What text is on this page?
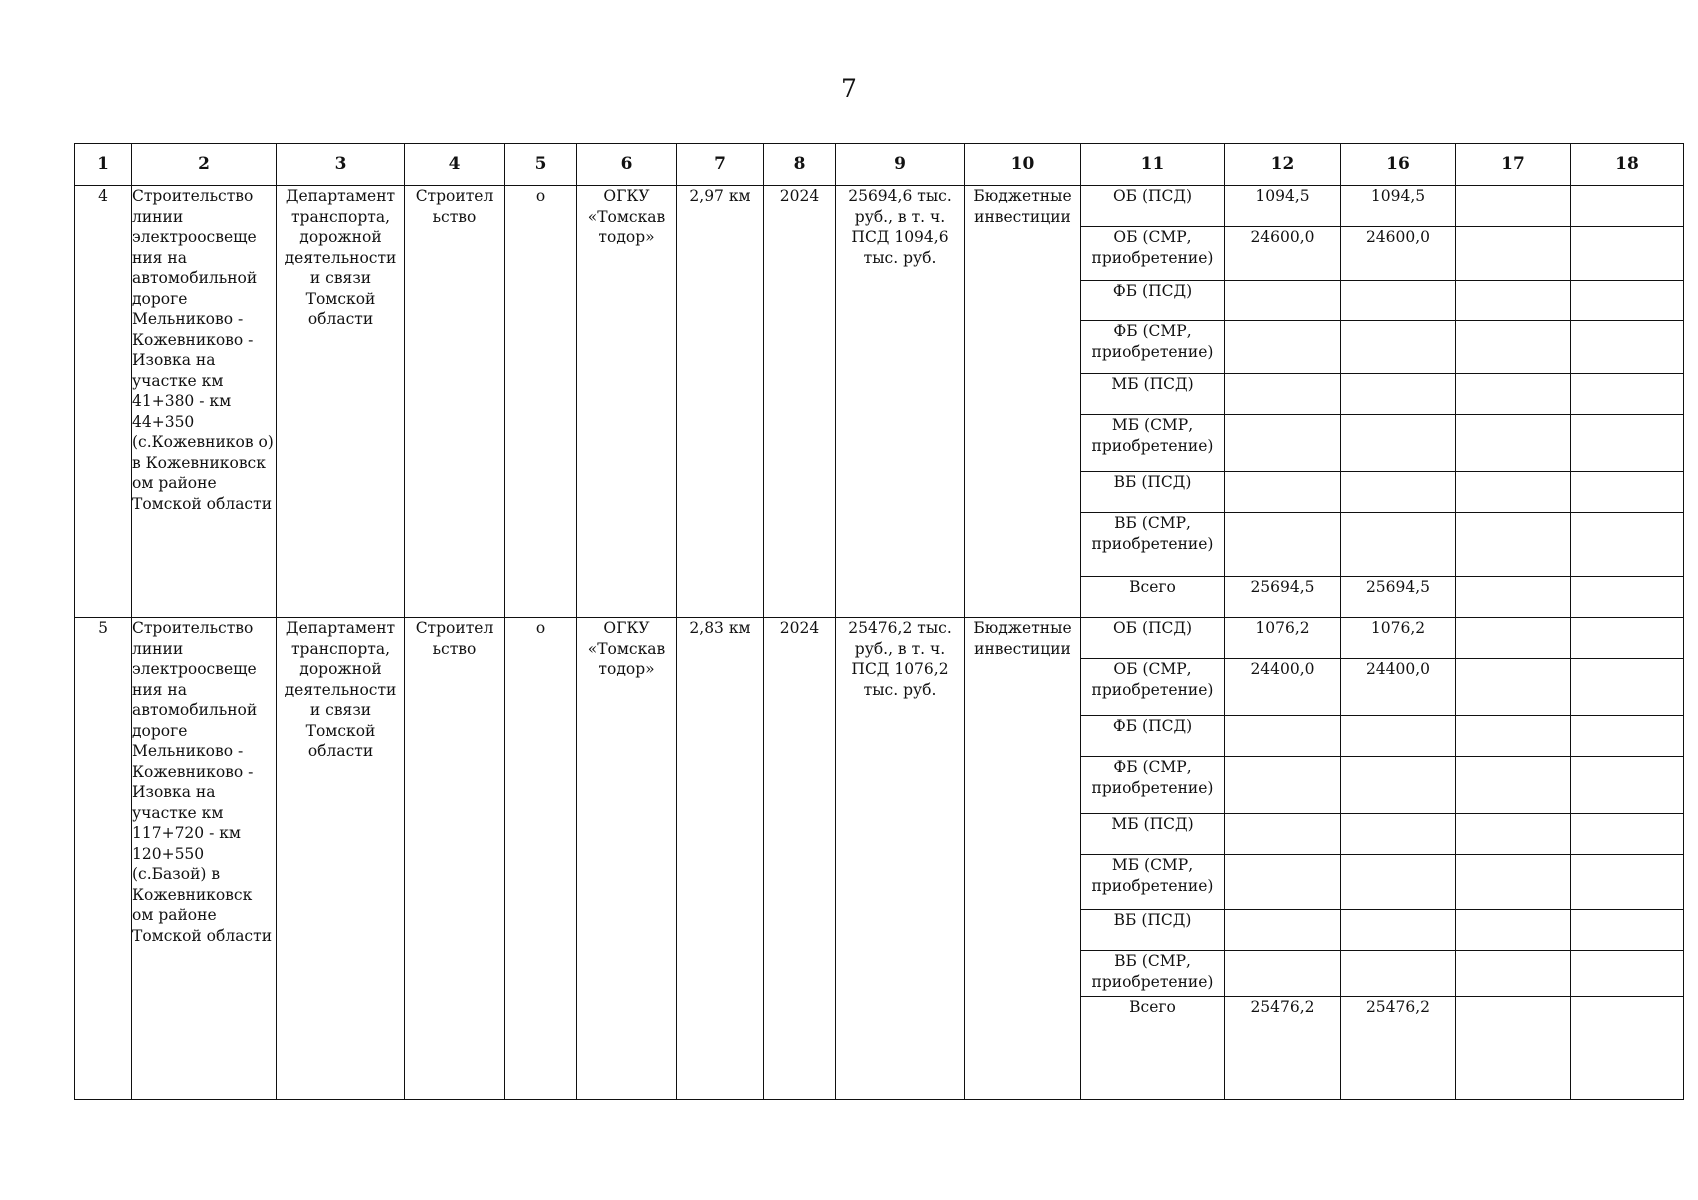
7
1	2	3	4	5	6	7	8	9	10	11	12	16	17	18
4	Строительство линии электроосвеще ния на автомобильной дороге Мельниково - Кожевниково - Изовка на участке км 41+380 - км 44+350 (с.Кожевников о) в Кожевниковск ом районе Томской области	Департамент транспорта, дорожной деятельности и связи Томской области	Строител ьство	о	ОГКУ «Томскав тодор»	2,97 км	2024	25694,6 тыс. руб., в т. ч. ПСД 1094,6 тыс. руб.	Бюджетные инвестиции	ОБ (ПСД)	1094,5	1094,5		
										ОБ (СМР, приобретение)	24600,0	24600,0		
										ФБ (ПСД)				
										ФБ (СМР, приобретение)				
										МБ (ПСД)				
										МБ (СМР, приобретение)				
										ВБ (ПСД)				
										ВБ (СМР, приобретение)				
										Всего	25694,5	25694,5		
5	Строительство линии электроосвеще ния на автомобильной дороге Мельниково - Кожевниково - Изовка на участке км 117+720 - км 120+550 (с.Базой) в Кожевниковск ом районе Томской области	Департамент транспорта, дорожной деятельности и связи Томской области	Строител ьство	о	ОГКУ «Томскав тодор»	2,83 км	2024	25476,2 тыс. руб., в т. ч. ПСД 1076,2 тыс. руб.	Бюджетные инвестиции	ОБ (ПСД)	1076,2	1076,2		
										ОБ (СМР, приобретение)	24400,0	24400,0		
										ФБ (ПСД)				
										ФБ (СМР, приобретение)				
										МБ (ПСД)				
										МБ (СМР, приобретение)				
										ВБ (ПСД)				
										ВБ (СМР, приобретение)				
										Всего	25476,2	25476,2		
